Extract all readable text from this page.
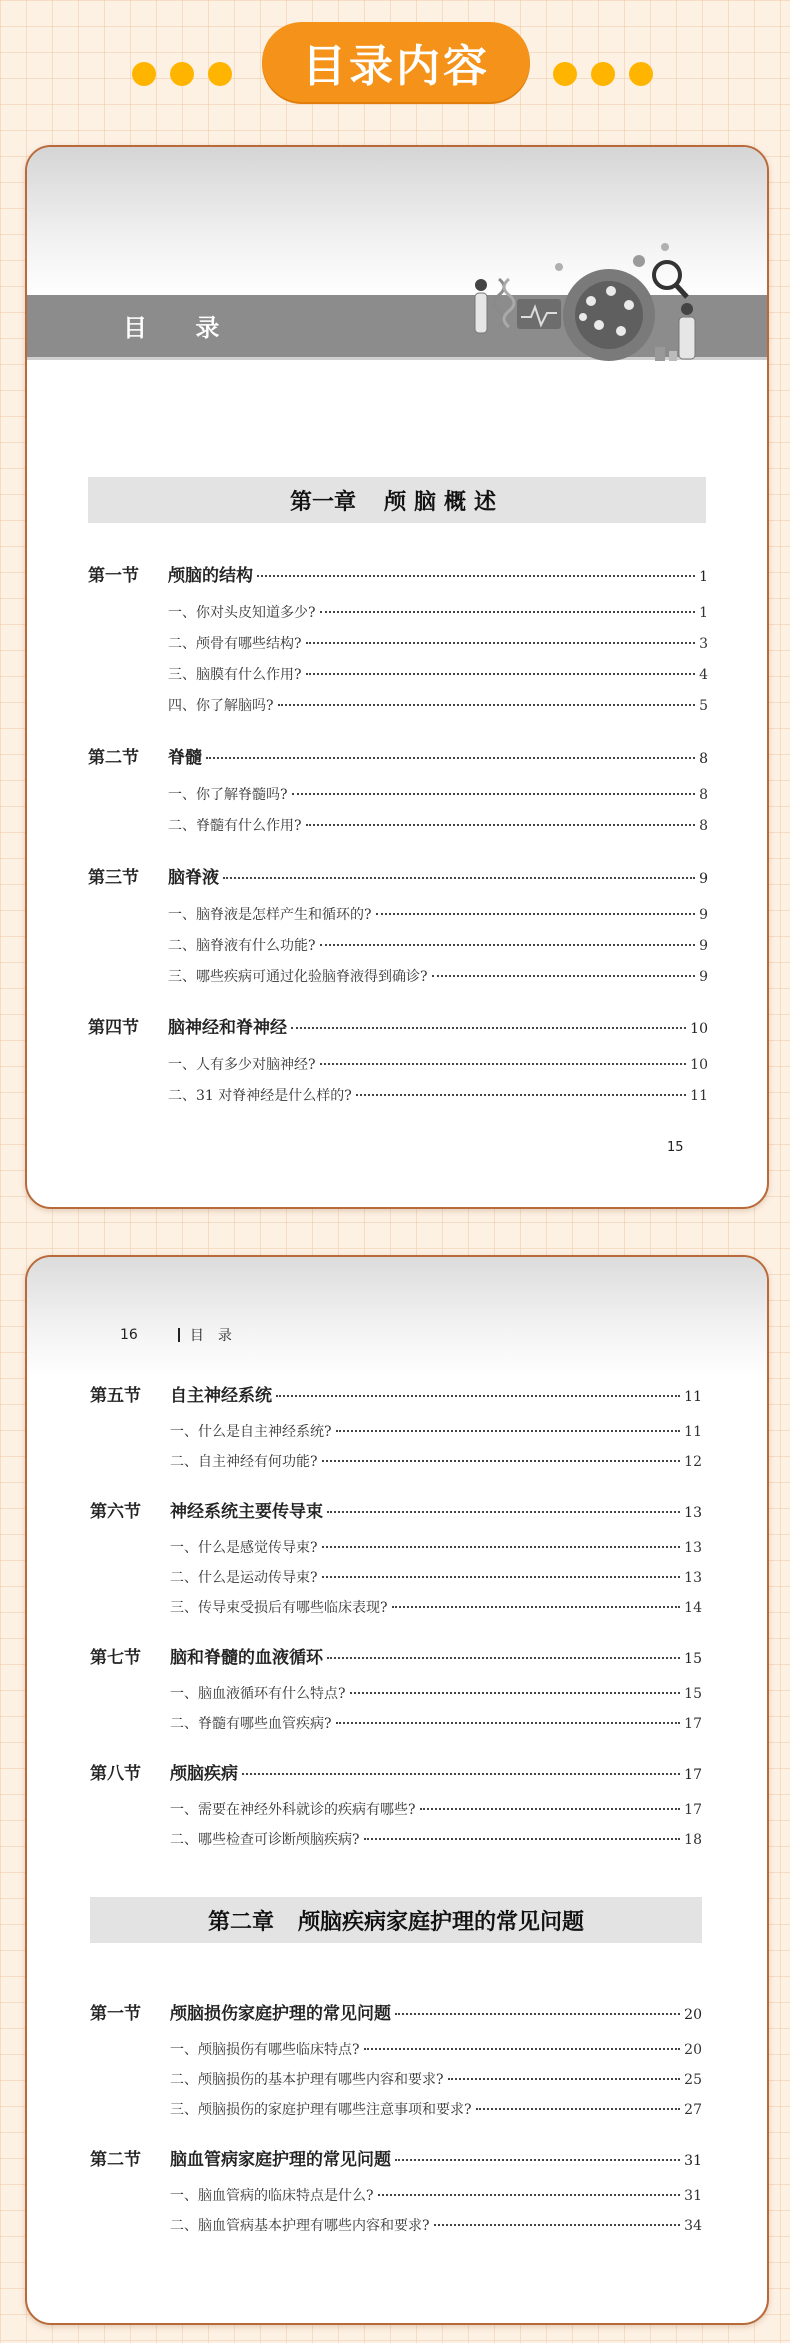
目录内容
目 录
第一章 颅脑概述
第一节	颅脑的结构	1
一、你对头皮知道多少?	1
二、颅骨有哪些结构?	3
三、脑膜有什么作用?	4
四、你了解脑吗?	5
第二节	脊髓	8
一、你了解脊髓吗?	8
二、脊髓有什么作用?	8
第三节	脑脊液	9
一、脑脊液是怎样产生和循环的?	9
二、脑脊液有什么功能?	9
三、哪些疾病可通过化验脑脊液得到确诊?	9
第四节	脑神经和脊神经	10
一、人有多少对脑神经?	10
二、31 对脊神经是什么样的?	11
15
16	目录
第五节	自主神经系统	11
一、什么是自主神经系统?	11
二、自主神经有何功能?	12
第六节	神经系统主要传导束	13
一、什么是感觉传导束?	13
二、什么是运动传导束?	13
三、传导束受损后有哪些临床表现?	14
第七节	脑和脊髓的血液循环	15
一、脑血液循环有什么特点?	15
二、脊髓有哪些血管疾病?	17
第八节	颅脑疾病	17
一、需要在神经外科就诊的疾病有哪些?	17
二、哪些检查可诊断颅脑疾病?	18
第二章 颅脑疾病家庭护理的常见问题
第一节	颅脑损伤家庭护理的常见问题	20
一、颅脑损伤有哪些临床特点?	20
二、颅脑损伤的基本护理有哪些内容和要求?	25
三、颅脑损伤的家庭护理有哪些注意事项和要求?	27
第二节	脑血管病家庭护理的常见问题	31
一、脑血管病的临床特点是什么?	31
二、脑血管病基本护理有哪些内容和要求?	34
